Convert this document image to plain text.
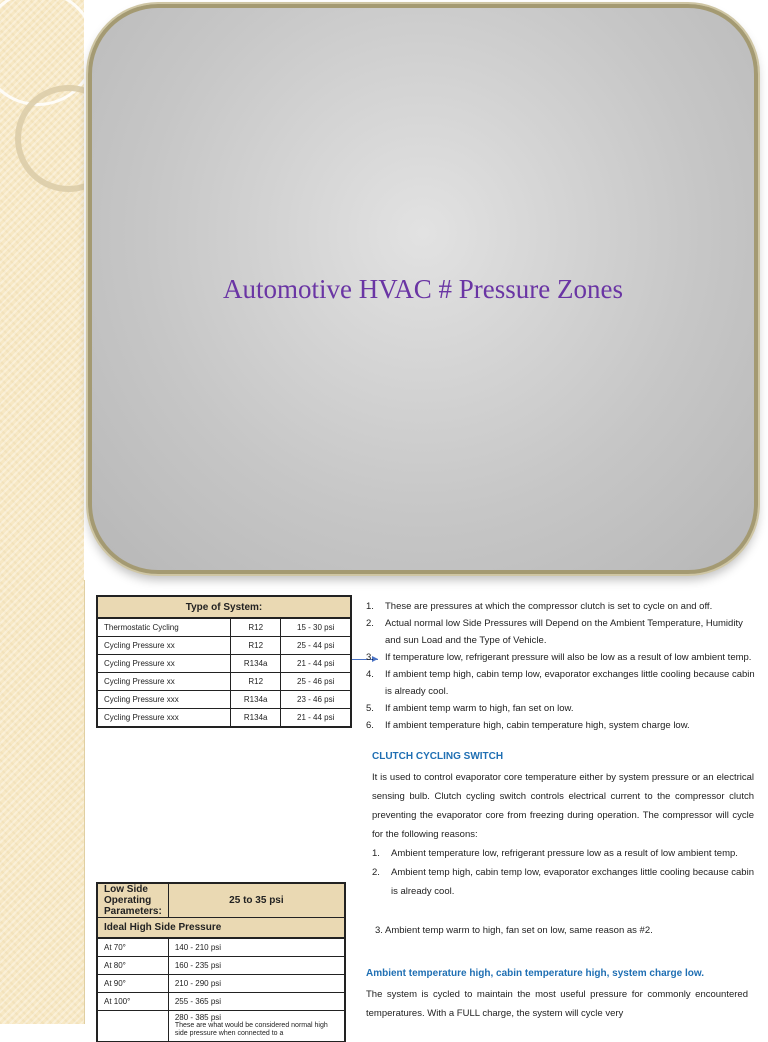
Automotive HVAC # Pressure Zones
Type of System:		
Thermostatic Cycling	R12	15 - 30 psi
Cycling Pressure xx	R12	25 - 44 psi
Cycling Pressure xx	R134a	21 - 44 psi
Cycling Pressure xx	R12	25 - 46 psi
Cycling Pressure xxx	R134a	23 - 46 psi
Cycling Pressure xxx	R134a	21 - 44 psi
1. These are pressures at which the compressor clutch is set to cycle on and off.
2. Actual normal low Side Pressures will Depend on the Ambient Temperature, Humidity and sun Load and the Type of Vehicle.
3. If temperature low, refrigerant pressure will also be low as a result of low ambient temp.
4. If ambient temp high, cabin temp low, evaporator exchanges little cooling because cabin is already cool.
5. If ambient temp warm to high, fan set on low.
6. If ambient temperature high, cabin temperature high, system charge low.
CLUTCH CYCLING SWITCH
It is used to control evaporator core temperature either by system pressure or an electrical sensing bulb. Clutch cycling switch controls electrical current to the compressor clutch preventing the evaporator core from freezing during operation. The compressor will cycle for the following reasons:
1. Ambient temperature low, refrigerant pressure low as a result of low ambient temp.
2. Ambient temp high, cabin temp low, evaporator exchanges little cooling because cabin is already cool.
3. Ambient temp warm to high, fan set on low, same reason as #2.
Ambient temperature high, cabin temperature high, system charge low.
The system is cycled to maintain the most useful pressure for commonly encountered temperatures. With a FULL charge, the system will cycle very
Low Side Operating Parameters:	25 to 35 psi
Ideal High Side Pressure	
At 70°	140 - 210 psi
At 80°	160 - 235 psi
At 90°	210 - 290 psi
At 100°	255 - 365 psi
	280 - 385 psi
These are what would be considered normal high side pressure when connected to a
